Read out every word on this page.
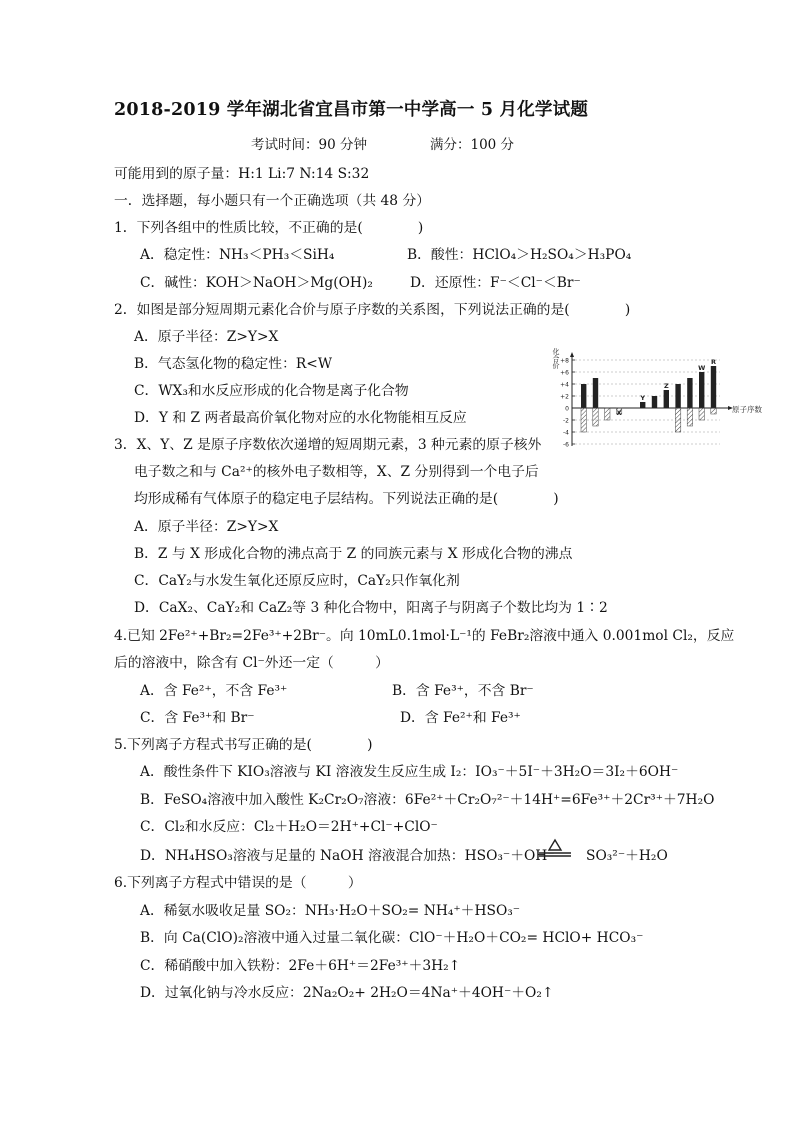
2018-2019 学年湖北省宜昌市第一中学高一 5 月化学试题
考试时间：90 分钟	满分：100 分
可能用到的原子量：H:1 Li:7 N:14 S:32
一．选择题，每小题只有一个正确选项（共 48 分）
1．下列各组中的性质比较，不正确的是(　　　　)
A．稳定性：NH₃＜PH₃＜SiH₄	B．酸性：HClO₄＞H₂SO₄＞H₃PO₄
C．碱性：KOH＞NaOH＞Mg(OH)₂	D．还原性：F⁻＜Cl⁻＜Br⁻
2．如图是部分短周期元素化合价与原子序数的关系图，下列说法正确的是(　　　　)
A．原子半径：Z>Y>X
B．气态氢化物的稳定性：R<W
C．WX₃和水反应形成的化合物是离子化合物
D．Y 和 Z 两者最高价氧化物对应的水化物能相互反应
+8
+6
+4
+2
0
-2
-4
-6
化合价
原子序数
X
Y
Z
W
R
3．X、Y、Z 是原子序数依次递增的短周期元素，3 种元素的原子核外
电子数之和与 Ca²⁺的核外电子数相等，X、Z 分别得到一个电子后
均形成稀有气体原子的稳定电子层结构。下列说法正确的是(　　　　)
A．原子半径：Z>Y>X
B．Z 与 X 形成化合物的沸点高于 Z 的同族元素与 X 形成化合物的沸点
C．CaY₂与水发生氧化还原反应时，CaY₂只作氧化剂
D．CaX₂、CaY₂和 CaZ₂等 3 种化合物中，阳离子与阴离子个数比均为 1∶2
4.已知 2Fe²⁺+Br₂=2Fe³⁺+2Br⁻。向 10mL0.1mol·L⁻¹的 FeBr₂溶液中通入 0.001mol Cl₂，反应
后的溶液中，除含有 Cl⁻外还一定（　　　）
A．含 Fe²⁺，不含 Fe³⁺	B．含 Fe³⁺，不含 Br⁻
C．含 Fe³⁺和 Br⁻	D．含 Fe²⁺和 Fe³⁺
5.下列离子方程式书写正确的是(　　　　)
A．酸性条件下 KIO₃溶液与 KI 溶液发生反应生成 I₂：IO₃⁻＋5I⁻＋3H₂O＝3I₂＋6OH⁻
B．FeSO₄溶液中加入酸性 K₂Cr₂O₇溶液：6Fe²⁺＋Cr₂O₇²⁻＋14H⁺=6Fe³⁺＋2Cr³⁺＋7H₂O
C．Cl₂和水反应：Cl₂＋H₂O＝2H⁺+Cl⁻+ClO⁻
D．NH₄HSO₃溶液与足量的 NaOH 溶液混合加热：HSO₃⁻＋OH⁻ SO₃²⁻＋H₂O
6.下列离子方程式中错误的是（　　　）
A．稀氨水吸收足量 SO₂：NH₃·H₂O＋SO₂= NH₄⁺＋HSO₃⁻
B．向 Ca(ClO)₂溶液中通入过量二氧化碳：ClO⁻＋H₂O＋CO₂= HClO+ HCO₃⁻
C．稀硝酸中加入铁粉：2Fe＋6H⁺＝2Fe³⁺＋3H₂↑
D．过氧化钠与冷水反应：2Na₂O₂+ 2H₂O＝4Na⁺＋4OH⁻＋O₂↑
